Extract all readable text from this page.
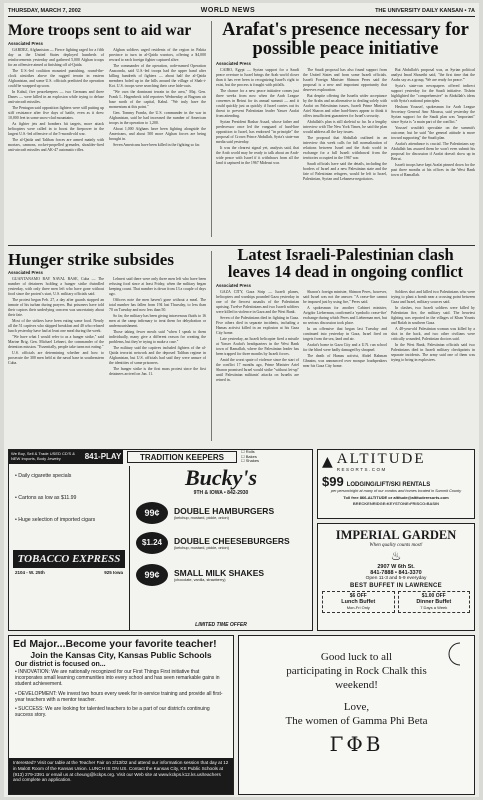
THURSDAY, MARCH 7, 2002	WORLD NEWS	THE UNIVERSITY DAILY KANSAN • 7A
More troops sent to aid war
Associated Press

GARDEZ, Afghanistan — Fierce fighting raged for a fifth day as the United States deployed hundreds of reinforcements yesterday and gathered 5,000 Afghan troops for an offensive aimed at finishing off al-Qaida.

The U.S.-led coalition mounted punishing, round-the-clock airstrikes above the rugged terrain in eastern Afghanistan, and some U.S. officials predicted the operation could be wrapped up soon.

In Kabul, five peacekeepers — two Germans and three Danes — were killed in an explosion while trying to defuse anti-aircraft missiles.

The Pentagon said opposition fighters were still putting up stiff resistance after five days of battle, even as it drew 10,000 feet in some snow-clad mountains.

As fighter jets and bombers hit targets, more attack helicopters were called in to boost the firepower in the largest U.S.-led offensive of the 5-month-old war.

The al-Qaida and Taliban forces are armed mainly with mortars, cannons, rocket-propelled grenades, shoulder-fired anti-aircraft missiles and AK-47 automatic rifles.

Afghan soldiers urged residents of the region in Paktia province to turn in al-Qaida warriors, offering a $4,000 reward to each foreign fighter captured alive.

The commander of the operation, code-named Operation Anaconda, said U.S.-led troops had the upper hand after killing hundreds of fighters — about half the al-Qaida members holed up in the hills around the village of Shah-i-Kot. U.S. troops were searching their cave hide-outs.

"We own the dominant terrain in the area," Maj. Gen. Frank L. Hagenbeck told reporters Wednesday at Bagram air base north of the capital, Kabul. "We truly have the momentum at this point."

Gen. Tommy Franks, the U.S. commander in the war in Afghanistan, said he had increased the number of American troops in the operation to 1,200.

About 1,000 Afghans have been fighting alongside the Americans, and about 500 more Afghan forces are being brought in.

Seven Americans have been killed in the fighting so far.

Arafat's presence necessary for possible peace initiative
Associated Press

CAIRO, Egypt — Syrian support for a Saudi peace overture to Israel brings the Arab world closer than it has ever been to recognizing Israel's right to exist, but the process is fraught with pitfalls.

The chance for a new peace initiative comes just three weeks from now when the Arab League convenes in Beirut for its annual summit — and it could quickly just as quickly if Israel carries out its threat to prevent Palestinian leader Yasser Arafat from attending.

Syrian President Bashar Assad, whose father and predecessor once led the vanguard of hard-line opposition to Israel, has endorsed "in principle" the proposal of Crown Prince Abdullah, Syria's state-run media said yesterday.

It was the clearest signal yet, analysts said, that the Arab world may be ready to talk about an Arab-wide peace with Israel if it withdraws from all the land it captured in the 1967 Mideast war.

The Saudi proposal has also found support from the United States and from some Israeli officials. Israeli Foreign Minister Shimon Peres said the proposal is a new and important opportunity that deserves exploration.

But despite offering the Israelis wider acceptance by the Arabs and an alternative to dealing solely with Arafat on Palestinian issues, Israeli Prime Minister Ariel Sharon and other hard-liners appear to think it offers insufficient guarantees for Israel's security.

Abdullah's plan is still skeletal so far. In a lengthy interview with The New York Times, he said the plan would address all the key issues.

The proposal that Abdullah outlined in an interview this week calls for full normalization of relations between Israel and the Arab world in exchange for a full Israeli withdrawal from the territories occupied in the 1967 war.

Saudi officials have said the details, including the borders of Israel and a new Palestinian state and the fate of Palestinian refugees, would be left to Israel, Palestinian, Syrian and Lebanese negotiators.

But Abdullah's proposal was, as Syrian political analyst Imad Shoueibi said, "the first time that the Arabs say as a group, 'We are ready for peace.'"

Syria's state-run newspapers offered indirect support yesterday for the Saudi initiative. Tishrin highlighted the "comprehensive" in Abdullah's ideas with Syria's national principles.

Hesham Youssef, spokesman for Arab League Secretary General Amr Moussa, said yesterday the Syrian support for the Saudi plan was "important" since Syria is "a main part of the conflict."

Youssef wouldn't speculate on the summit's outcome, but he said "the general attitude is more toward supporting" the Saudi plan.

Arafat's attendance is crucial. The Palestinians say Abdullah has assured them he won't even submit his proposal for discussion if Arafat doesn't show up in Beirut.

Israeli troops have kept Arafat pinned down for the past three months at his offices in the West Bank town of Ramallah.

Hunger strike subsides
Associated Press

GUANTANAMO BAY NAVAL BASE, Cuba — The number of detainees holding a hunger strike dwindled yesterday, with only three men left who have gone without food since the protest's start, U.S. military officials said.

The protest began Feb. 27, a day after guards stopped an inmate of his turban during prayers. But prisoners have told their captors their underlying concern was uncertainty about their fate.

Most of the strikers have been eating some food. Nearly all the 51 captives who skipped breakfast and 40 who refused lunch yesterday have had at least one meal during the week.

"We have what I would refer to as a hunger strike," said Marine Brig. Gen. Michael Lehnert, the commander of the detention mission. "Essentially, people take turns not eating."

U.S. officials are determining whether and how to prosecute the 300 men held at the naval base in southeastern Cuba.

Lehnert said there were only three men left who have been refusing food since at least Friday, when the military began keeping count. That number is down from 13 a couple of days ago.

Officers note the men haven't gone without a meal. The total number has fallen from 194 last Thursday, to less than 70 on Tuesday and now less than 50.

So far, the military has been giving intravenous fluids to 16 men at the camp infirmary to treat them for dehydration or undernourishment.

Those taking fewer meals said "when I speak to them individually, many give a different reason for creating the problems, but they're trying to make a case."

The military said the captives included fighters of the al-Qaida terrorist network and the deposed Taliban regime in Afghanistan, but U.S. officials had said they were unsure of the identities of some prisoners.

The hunger strike is the first mass protest since the first detainees arrived on Jan. 11.

Latest Israeli-Palestinian clash leaves 14 dead in ongoing conflict
Associated Press

GAZA CITY, Gaza Strip — Israeli planes, helicopters and warships pounded Gaza yesterday in one of the fiercest assaults of the Palestinian uprising. Twelve Palestinians and two Israeli soldiers were killed in violence in Gaza and the West Bank.

Seven of the Palestinians died in fighting in Gaza. Five others died in separate incidents, including a Hamas activist killed in an explosion at his Gaza City home.

Late yesterday, an Israeli helicopter fired a missile at Yasser Arafat's headquarters in the West Bank town of Ramallah, where the Palestinian leader has been trapped for three months by Israeli forces.

Amid the worst spate of violence since the start of the conflict 17 months ago, Prime Minister Ariel Sharon promised Israel would strike "without let-up" until Palestinian militants' attacks on Israelis are reined in.

Sharon's foreign minister, Shimon Peres, however, said Israel was not the answer. "A cease-fire cannot be imposed just by using fire," Peres said.

A spokesman for another Cabinet minister, Avigdor Lieberman, confirmed a 'symbolic cease-fire' exchange during which Peres and Lieberman met, but no serious discussion took place.

In an offensive that began last Tuesday and continued into yesterday in Gaza, Israel fired on targets from the sea, land and air.

Arafat's home in Gaza City and a U.N. run school for the blind were badly damaged by shrapnel.

The death of Hamas activist, Abdel Rahman Ghnaim, was announced over mosque loudspeakers near his Gaza City home.

Soldiers shot and killed two Palestinians who were trying to plant a bomb near a crossing point between Gaza and Israel, military sources said.

In clashes, two Israeli soldiers were killed by Palestinian fire, the military said. The heaviest fighting was reported in the villages of Khan Younis and Rafah in southern Gaza.

A 48-year-old Palestinian woman was killed by a shot in the back, and two other civilians were critically wounded, Palestinian doctors said.

In the West Bank, Palestinian officials said two Palestinians died in Israeli military checkpoints in separate incidents. The army said one of them was trying to bring in explosives.

We Buy, Sell & Trade USED CD'S & NEW Imports, Body Jewelry	841-PLAY	TRADITION KEEPERS
☐ Rolls
☐ Bakes
☐ Shakes
• Daily cigarette specials
• Cartons as low as $11.99
• Huge selection of imported cigars
TOBACCO EXPRESS
2104 - W. 25th	925 Iowa
Bucky's
9TH & IOWA • 842-2930
99¢	DOUBLE HAMBURGERS
(ketchup, mustard, pickle, onion)
$1.24	DOUBLE CHEESEBURGERS
(ketchup, mustard, pickle, onion)
99¢	SMALL MILK SHAKES
(chocolate, vanilla, strawberry)
LIMITED TIME OFFER
▲ ALTITUDE
RESORTS.COM
$99 LODGING/LIFT/SKI RENTALS
per person/night at many of our condos and homes located in Summit County
Toll free 866-ALTITUDE or altitude@altituderesorts.com
BRECKENRIDGE•KEYSTONE•FRISCO•BASIN
IMPERIAL GARDEN
When quality counts most!
♨
2907 W 6th St.
841-7888 • 841-3370
Open 11-3 and 5-9 everyday
BEST BUFFET IN LAWRENCE
$6 OFF
Lunch Buffet
Mon-Fri Only
$1.00 OFF
Dinner Buffet
7 Days a Week
Ed Major...Become your favorite teacher!
Join the Kansas City, Kansas Public Schools
Our district is focused on...
• INNOVATION: We are nationally recognized for our First Things First initiative that incorporates small learning communities into every school and has seen remarkable gains in student achievement.
• DEVELOPMENT: We invest two hours every week for in-service training and provide all first-year teachers with a mentor teacher.
• SUCCESS: We are looking for talented teachers to be a part of our district's continuing success story.
Interested? Visit our table at the Teacher Fair on 3/13/02 and attend our information session that day at 12 in Malott Room of the Kansas Union. LUNCH IS ON US. Contact the Kansas City, KS Public Schools at (913) 279-2391 or email us at cheung@kckps.org. Visit our Web site at www.kckps.k12.ks.us/teachers and complete an application.
Good luck to all
participating in Rock Chalk this
weekend!
Love,
The women of Gamma Phi Beta
ΓΦΒ
